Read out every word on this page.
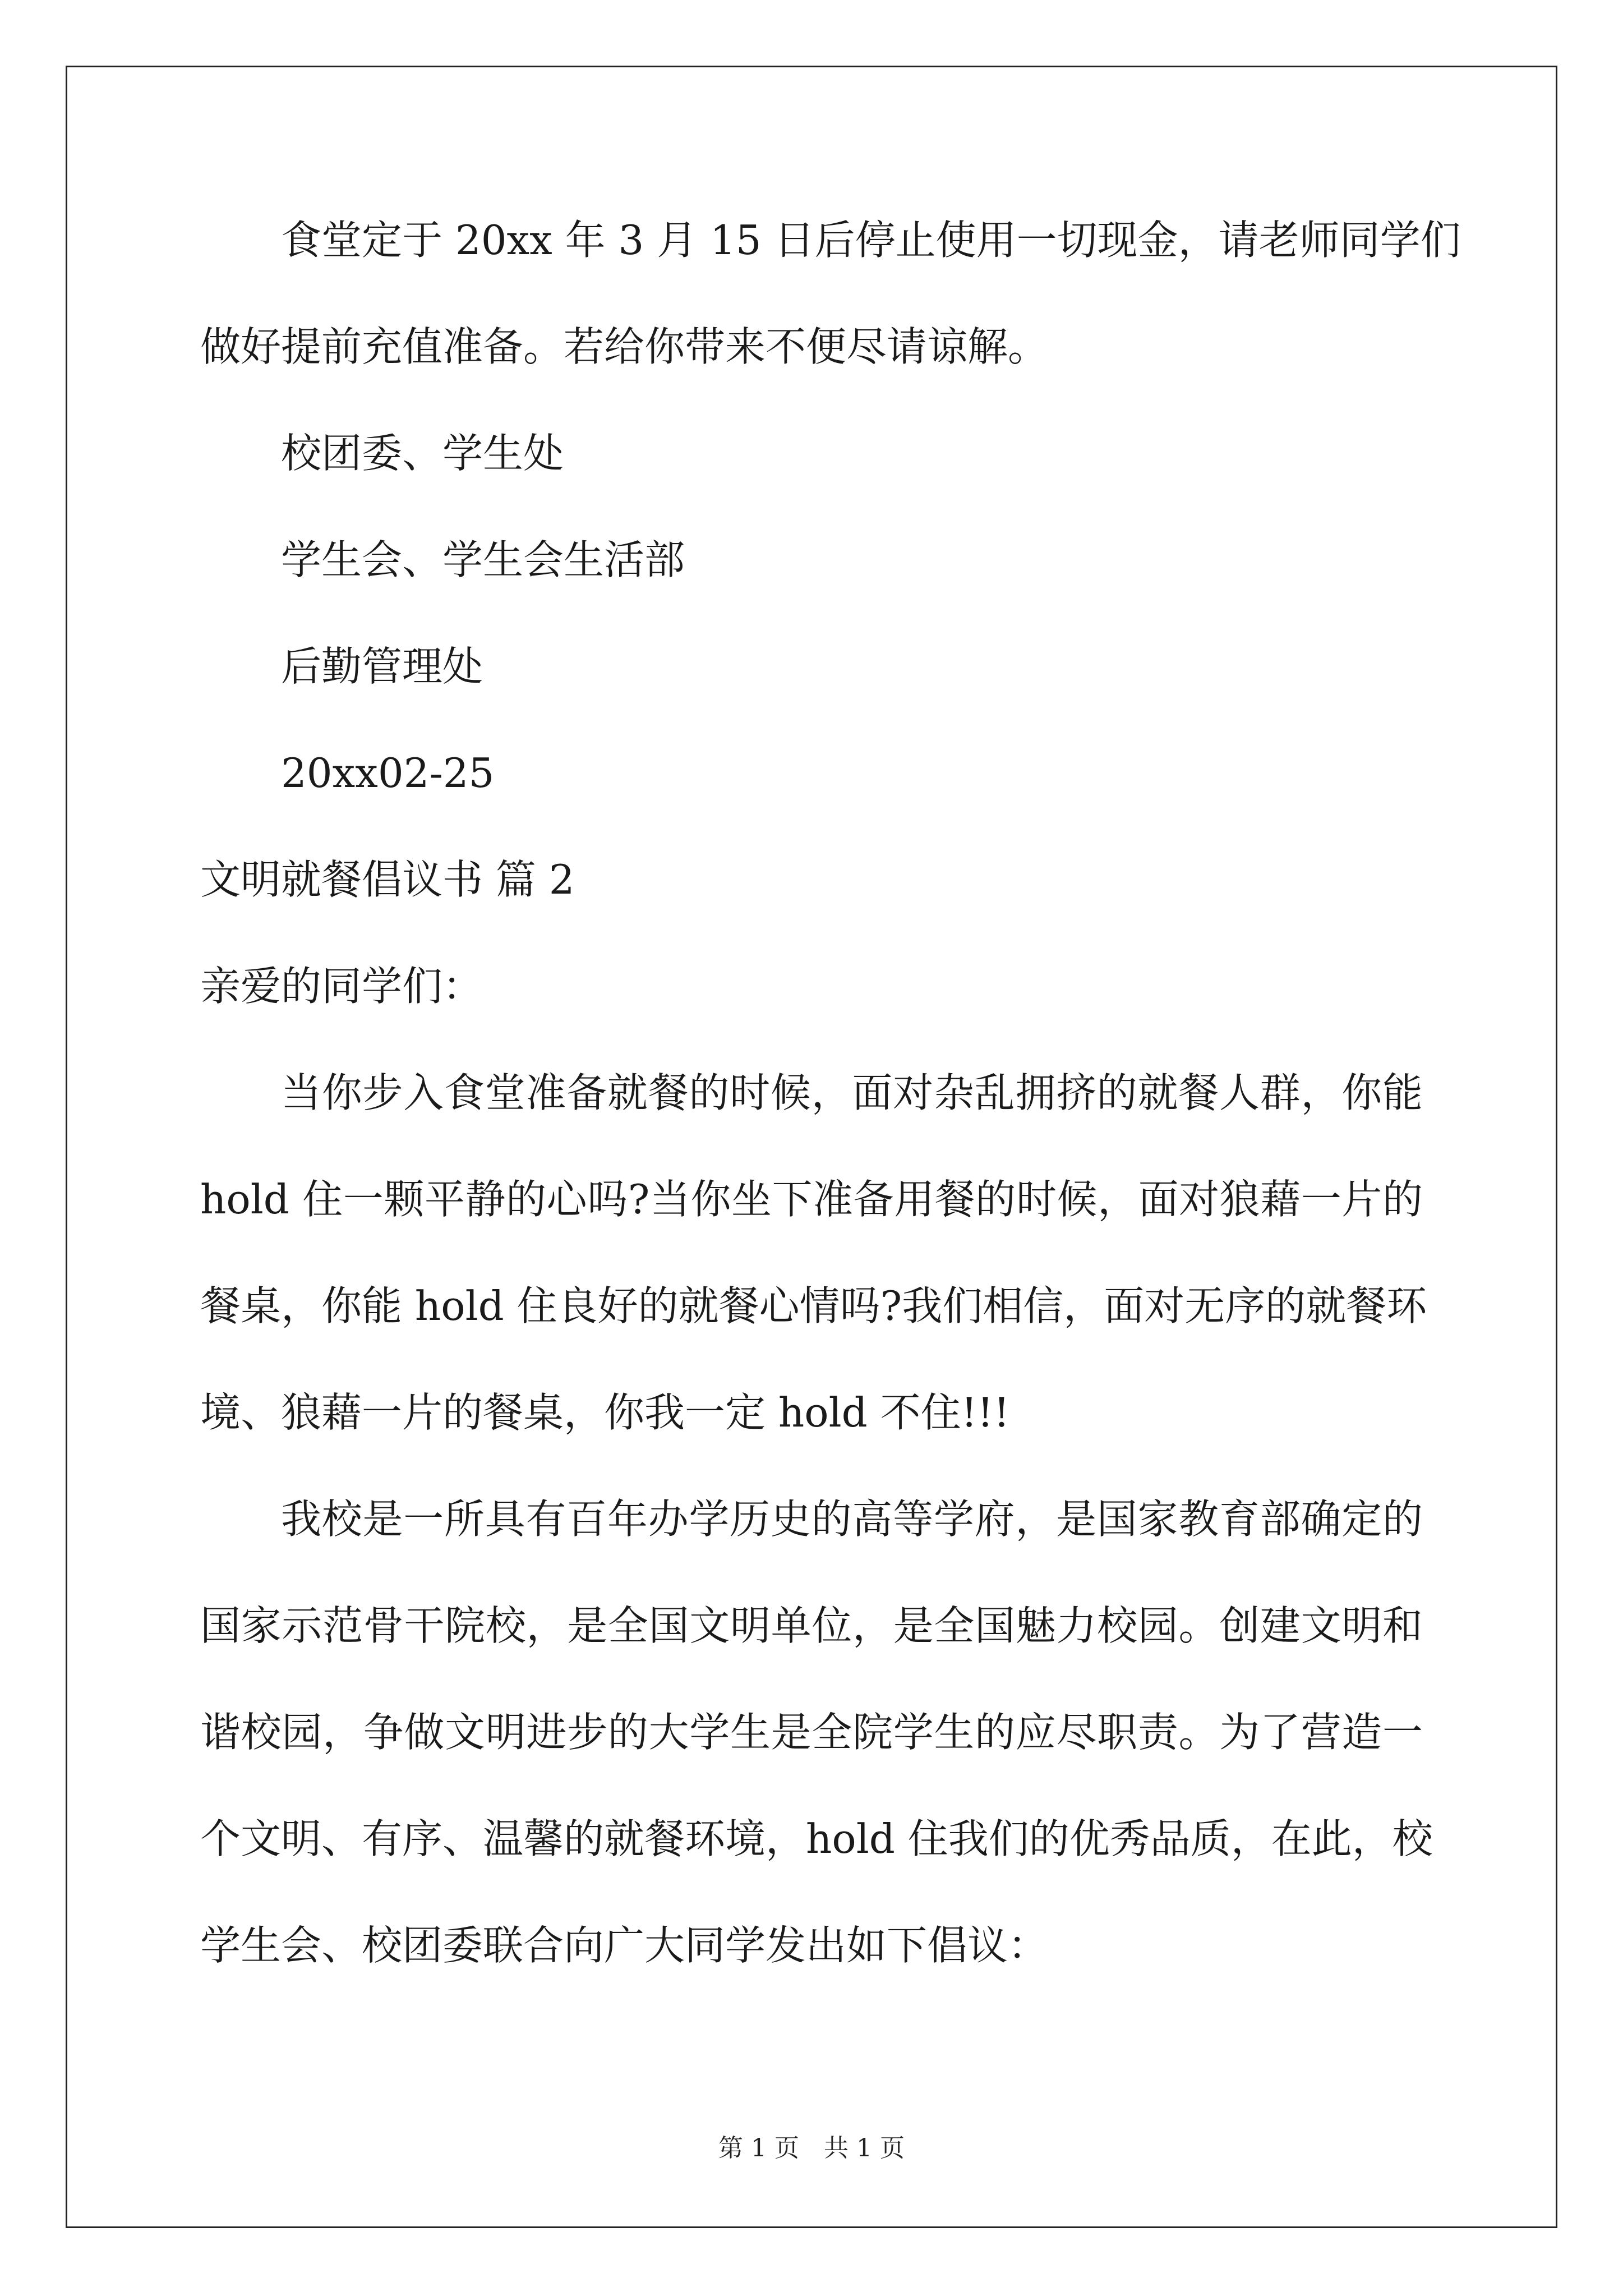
食堂定于 20xx 年 3 月 15 日后停止使用一切现金，请老师同学们
做好提前充值准备。若给你带来不便尽请谅解。
校团委、学生处
学生会、学生会生活部
后勤管理处
20xx02-25
文明就餐倡议书 篇 2
亲爱的同学们：
当你步入食堂准备就餐的时候，面对杂乱拥挤的就餐人群，你能
hold 住一颗平静的心吗?当你坐下准备用餐的时候，面对狼藉一片的
餐桌，你能 hold 住良好的就餐心情吗?我们相信，面对无序的就餐环
境、狼藉一片的餐桌，你我一定 hold 不住!!!
我校是一所具有百年办学历史的高等学府，是国家教育部确定的
国家示范骨干院校，是全国文明单位，是全国魅力校园。创建文明和
谐校园，争做文明进步的大学生是全院学生的应尽职责。为了营造一
个文明、有序、温馨的就餐环境，hold 住我们的优秀品质，在此，校
学生会、校团委联合向广大同学发出如下倡议：
第 1 页　共 1 页
